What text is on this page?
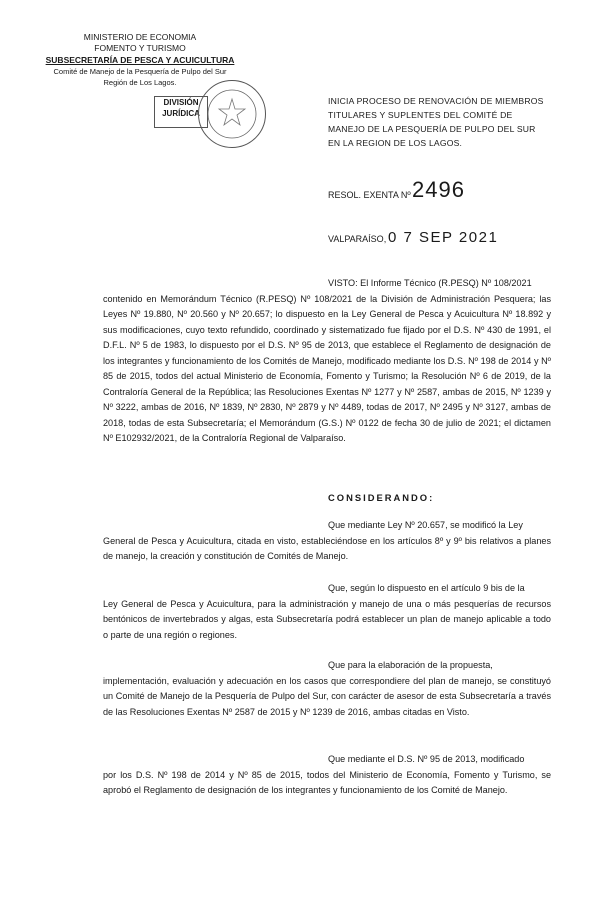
MINISTERIO DE ECONOMIA
FOMENTO Y TURISMO
SUBSECRETARÍA DE PESCA Y ACUICULTURA
Comité de Manejo de la Pesquería de Pulpo del Sur
Región de Los Lagos.
DIVISIÓN
JURÍDICA
INICIA PROCESO DE RENOVACIÓN DE MIEMBROS TITULARES Y SUPLENTES DEL COMITÉ DE MANEJO DE LA PESQUERÍA DE PULPO DEL SUR EN LA REGION DE LOS LAGOS.
RESOL. EXENTA Nº 2496
VALPARAÍSO, 0 7 SEP 2021
VISTO: El Informe Técnico (R.PESQ) Nº 108/2021
contenido en Memorándum Técnico (R.PESQ) Nº 108/2021 de la División de Administración Pesquera; las Leyes Nº 19.880, Nº 20.560 y Nº 20.657; lo dispuesto en la Ley General de Pesca y Acuicultura Nº 18.892 y sus modificaciones, cuyo texto refundido, coordinado y sistematizado fue fijado por el D.S. Nº 430 de 1991, el D.F.L. Nº 5 de 1983, lo dispuesto por el D.S. Nº 95 de 2013, que establece el Reglamento de designación de los integrantes y funcionamiento de los Comités de Manejo, modificado mediante los D.S. Nº 198 de 2014 y Nº 85 de 2015, todos del actual Ministerio de Economía, Fomento y Turismo; la Resolución Nº 6 de 2019, de la Contraloría General de la República; las Resoluciones Exentas Nº 1277 y Nº 2587, ambas de 2015, Nº 1239 y Nº 3222, ambas de 2016, Nº 1839, Nº 2830, Nº 2879 y Nº 4489, todas de 2017, Nº 2495 y Nº 3127, ambas de 2018, todas de esta Subsecretaría; el Memorándum (G.S.) Nº 0122 de fecha 30 de julio de 2021; el dictamen Nº E102932/2021, de la Contraloría Regional de Valparaíso.
CONSIDERANDO:
Que mediante Ley Nº 20.657, se modificó la Ley
General de Pesca y Acuicultura, citada en visto, estableciéndose en los artículos 8º y 9º bis relativos a planes de manejo, la creación y constitución de Comités de Manejo.
Que, según lo dispuesto en el artículo 9 bis de la
Ley General de Pesca y Acuicultura, para la administración y manejo de una o más pesquerías de recursos bentónicos de invertebrados y algas, esta Subsecretaría podrá establecer un plan de manejo aplicable a todo o parte de una región o regiones.
Que para la elaboración de la propuesta,
implementación, evaluación y adecuación en los casos que correspondiere del plan de manejo, se constituyó un Comité de Manejo de la Pesquería de Pulpo del Sur, con carácter de asesor de esta Subsecretaría a través de las Resoluciones Exentas Nº 2587 de 2015 y Nº 1239 de 2016, ambas citadas en Visto.
Que mediante el D.S. Nº 95 de 2013, modificado
por los D.S. Nº 198 de 2014 y Nº 85 de 2015, todos del Ministerio de Economía, Fomento y Turismo, se aprobó el Reglamento de designación de los integrantes y funcionamiento de los Comité de Manejo.
